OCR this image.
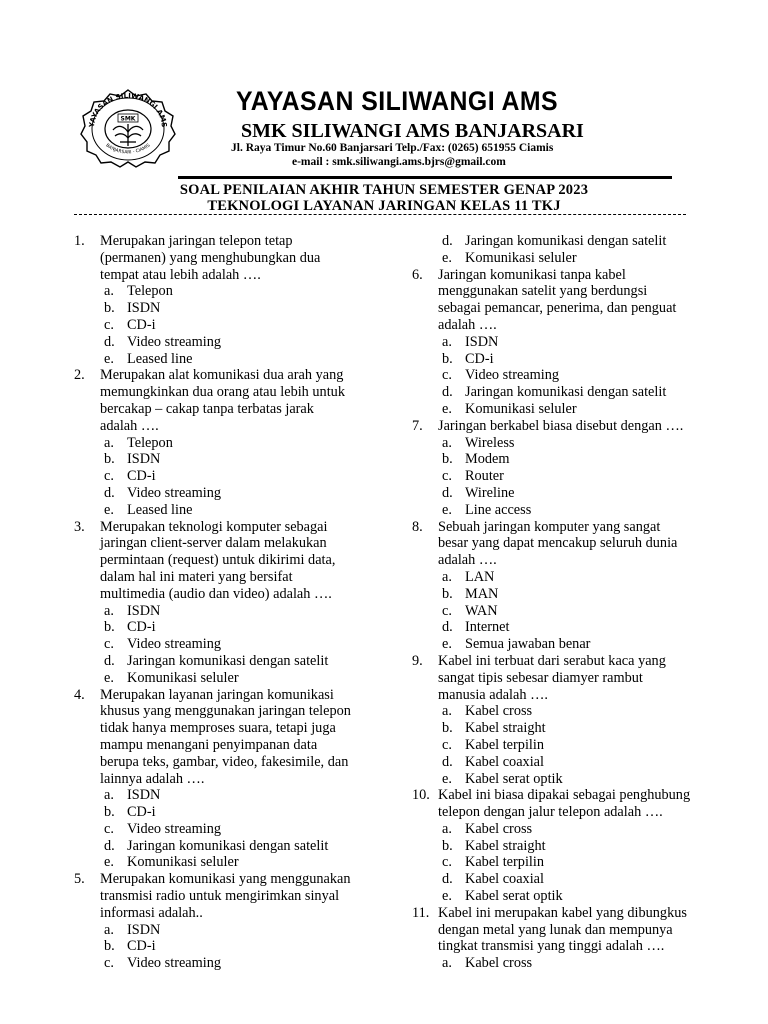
YAYASAN SILIWANGI AMS
BANJARSARI - CIAMIS
SMK
YAYASAN SILIWANGI AMS
SMK SILIWANGI AMS BANJARSARI
Jl. Raya Timur No.60 Banjarsari Telp./Fax: (0265) 651955 Ciamis
e-mail : smk.siliwangi.ams.bjrs@gmail.com
SOAL PENILAIAN AKHIR TAHUN SEMESTER GENAP 2023
TEKNOLOGI LAYANAN JARINGAN KELAS 11 TKJ
1.	Merupakan jaringan telepon tetap
(permanen) yang menghubungkan dua
tempat atau lebih adalah ….
a. Telepon
b. ISDN
c. CD-i
d. Video streaming
e. Leased line
2.	Merupakan alat komunikasi dua arah yang
memungkinkan dua orang atau lebih untuk
bercakap – cakap tanpa terbatas jarak
adalah ….
a. Telepon
b. ISDN
c. CD-i
d. Video streaming
e. Leased line
3.	Merupakan teknologi komputer sebagai
jaringan client-server dalam melakukan
permintaan (request) untuk dikirimi data,
dalam hal ini materi yang bersifat
multimedia (audio dan video) adalah ….
a. ISDN
b. CD-i
c. Video streaming
d. Jaringan komunikasi dengan satelit
e. Komunikasi seluler
4.	Merupakan layanan jaringan komunikasi
khusus yang menggunakan jaringan telepon
tidak hanya memproses suara, tetapi juga
mampu menangani penyimpanan data
berupa teks, gambar, video, fakesimile, dan
lainnya adalah ….
a. ISDN
b. CD-i
c. Video streaming
d. Jaringan komunikasi dengan satelit
e. Komunikasi seluler
5.	Merupakan komunikasi yang menggunakan
transmisi radio untuk mengirimkan sinyal
informasi adalah..
a. ISDN
b. CD-i
c. Video streaming
d. Jaringan komunikasi dengan satelit
e. Komunikasi seluler
6.	Jaringan komunikasi tanpa kabel
menggunakan satelit yang berdungsi
sebagai pemancar, penerima, dan penguat
adalah ….
a. ISDN
b. CD-i
c. Video streaming
d. Jaringan komunikasi dengan satelit
e. Komunikasi seluler
7.	Jaringan berkabel biasa disebut dengan ….
a. Wireless
b. Modem
c. Router
d. Wireline
e. Line access
8.	Sebuah jaringan komputer yang sangat
besar yang dapat mencakup seluruh dunia
adalah ….
a. LAN
b. MAN
c. WAN
d. Internet
e. Semua jawaban benar
9.	Kabel ini terbuat dari serabut kaca yang
sangat tipis sebesar diamyer rambut
manusia adalah ….
a. Kabel cross
b. Kabel straight
c. Kabel terpilin
d. Kabel coaxial
e. Kabel serat optik
10. Kabel ini biasa dipakai sebagai penghubung
telepon dengan jalur telepon adalah ….
a. Kabel cross
b. Kabel straight
c. Kabel terpilin
d. Kabel coaxial
e. Kabel serat optik
11. Kabel ini merupakan kabel yang dibungkus
dengan metal yang lunak dan mempunya
tingkat transmisi yang tinggi adalah ….
a. Kabel cross
